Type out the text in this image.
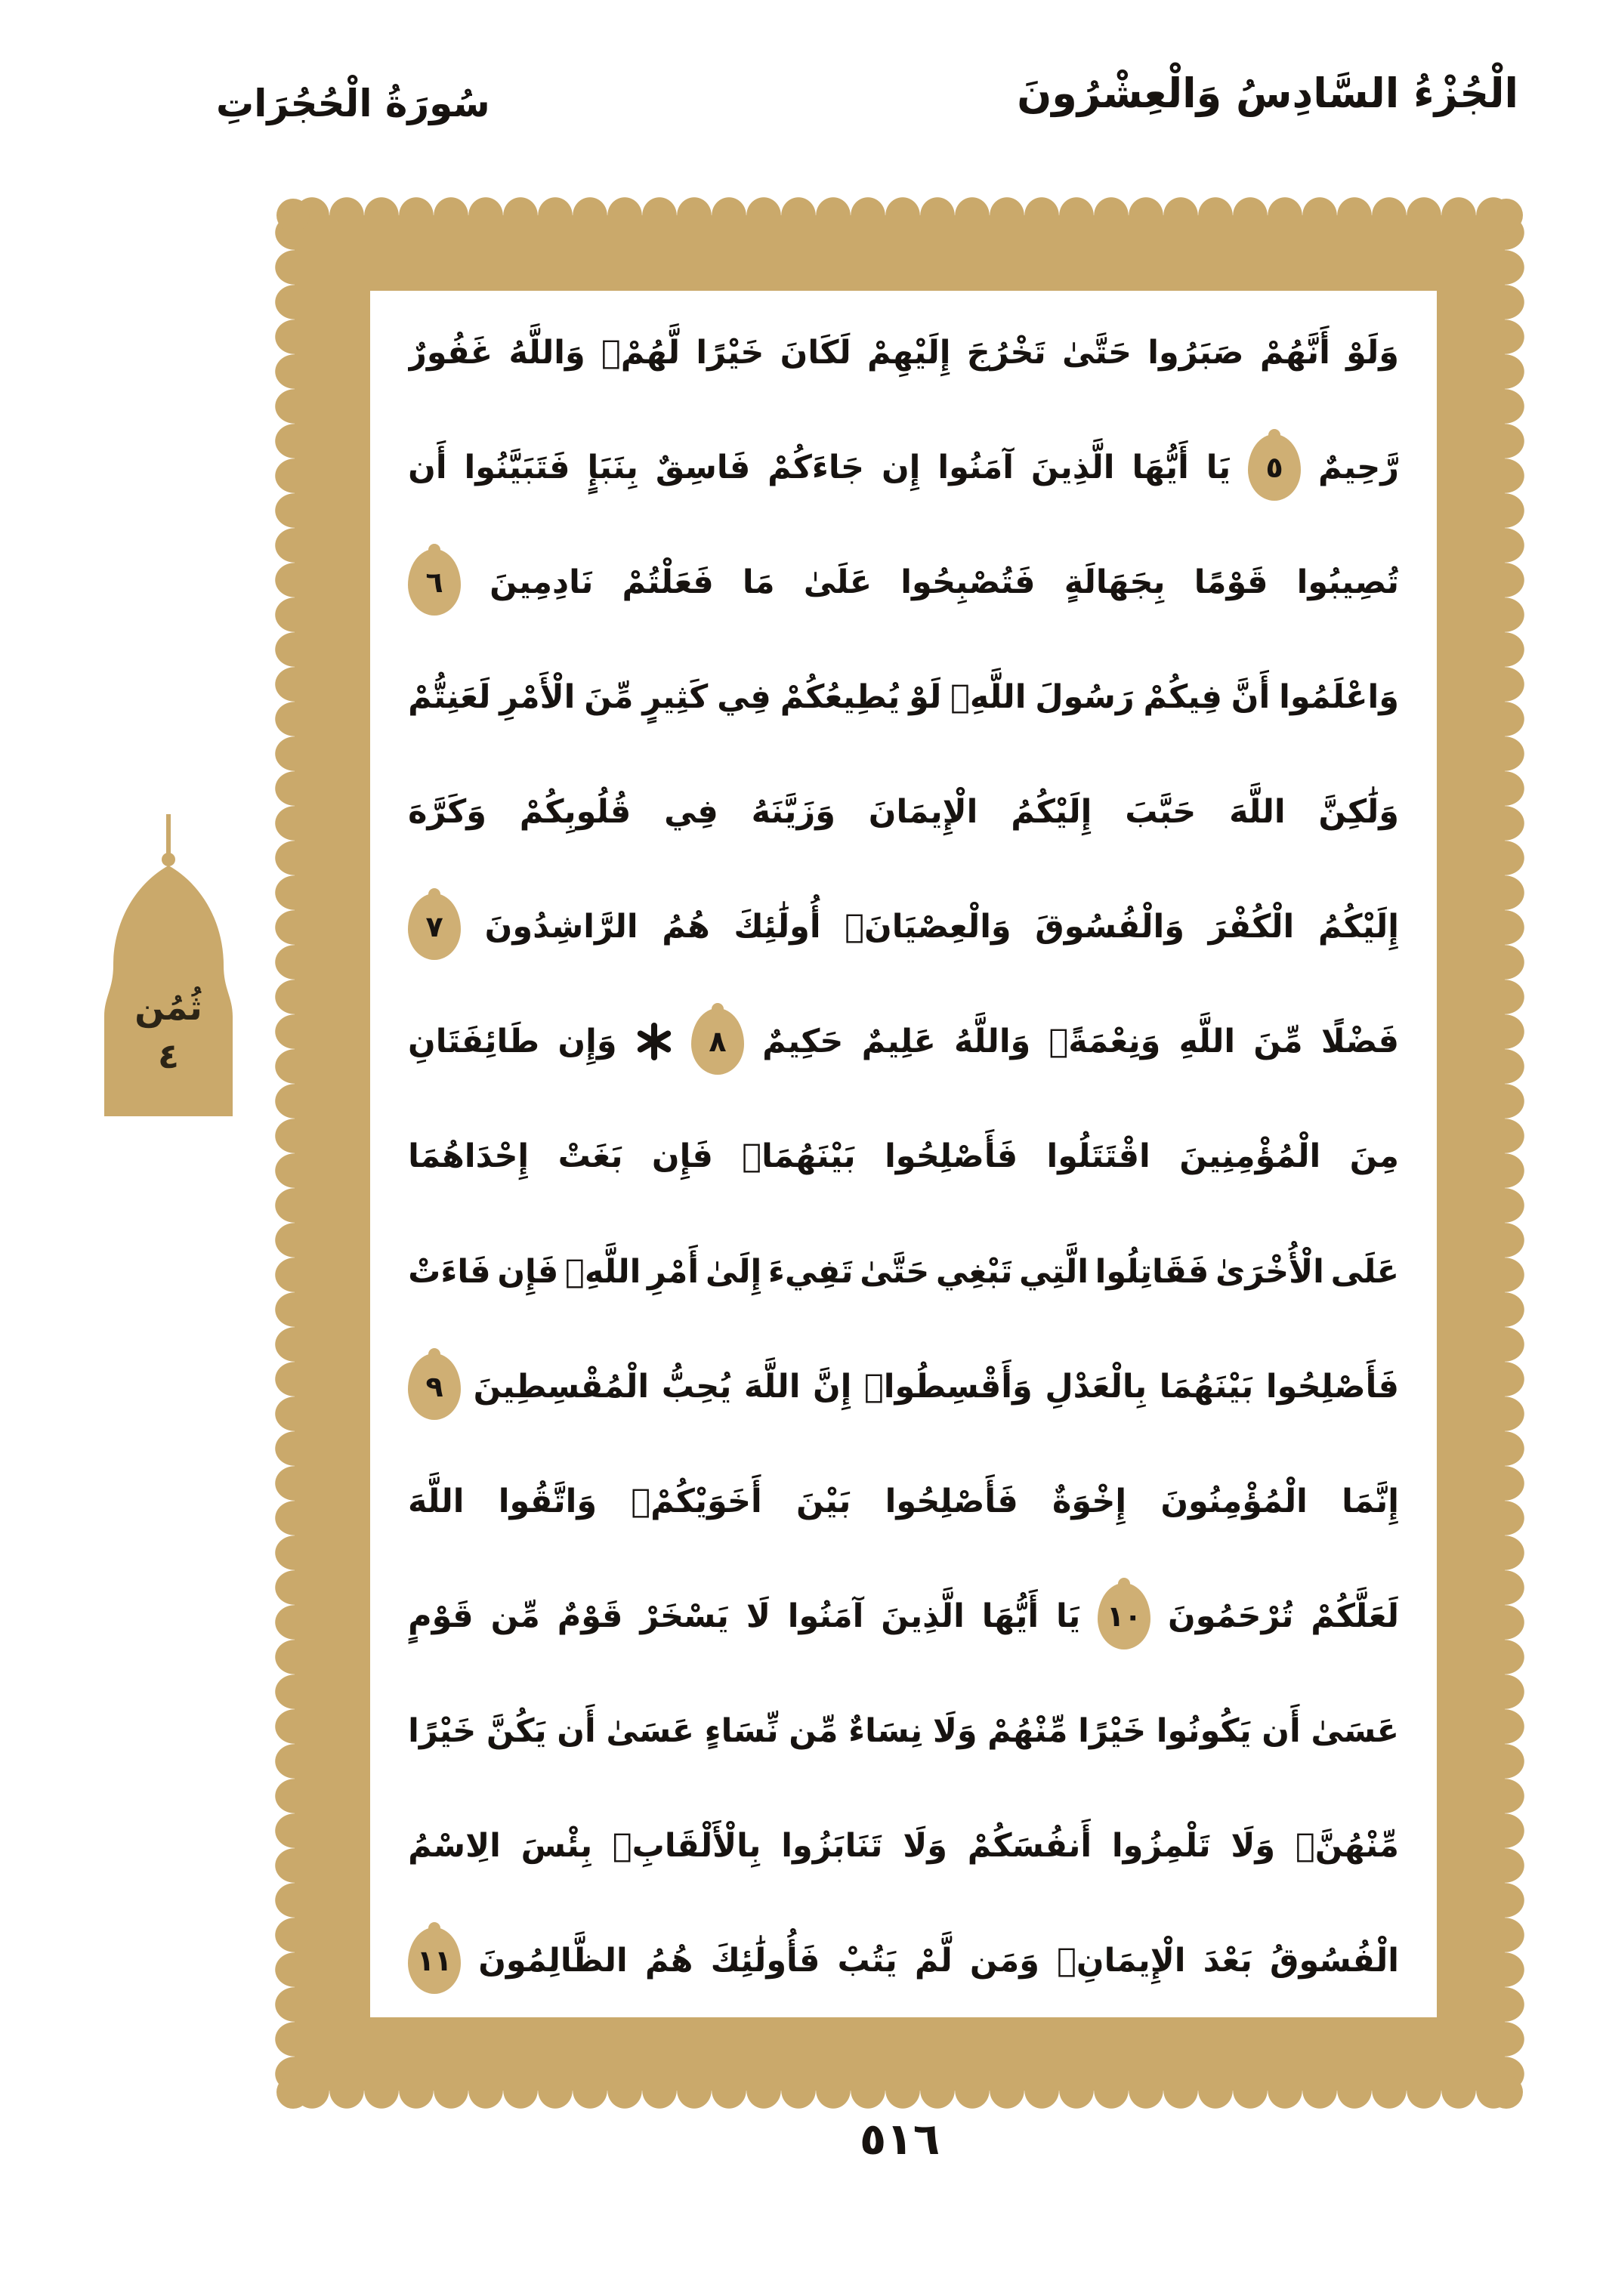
الْجُزْءُ السَّادِسُ وَالْعِشْرُونَ
سُورَةُ الْحُجُرَاتِ
ثُمُن
٤
وَلَوْ
أَنَّهُمْ
صَبَرُوا
حَتَّىٰ
تَخْرُجَ
إِلَيْهِمْ
لَكَانَ
خَيْرًا
لَّهُمْۚ
وَاللَّهُ
غَفُورٌ
رَّحِيمٌ
٥
يَا
أَيُّهَا
الَّذِينَ
آمَنُوا
إِن
جَاءَكُمْ
فَاسِقٌ
بِنَبَإٍ
فَتَبَيَّنُوا
أَن
تُصِيبُوا
قَوْمًا
بِجَهَالَةٍ
فَتُصْبِحُوا
عَلَىٰ
مَا
فَعَلْتُمْ
نَادِمِينَ
٦
وَاعْلَمُوا
أَنَّ
فِيكُمْ
رَسُولَ
اللَّهِۚ
لَوْ
يُطِيعُكُمْ
فِي
كَثِيرٍ
مِّنَ
الْأَمْرِ
لَعَنِتُّمْ
وَلَٰكِنَّ
اللَّهَ
حَبَّبَ
إِلَيْكُمُ
الْإِيمَانَ
وَزَيَّنَهُ
فِي
قُلُوبِكُمْ
وَكَرَّهَ
إِلَيْكُمُ
الْكُفْرَ
وَالْفُسُوقَ
وَالْعِصْيَانَۚ
أُولَٰئِكَ
هُمُ
الرَّاشِدُونَ
٧
فَضْلًا
مِّنَ
اللَّهِ
وَنِعْمَةًۚ
وَاللَّهُ
عَلِيمٌ
حَكِيمٌ
٨
وَإِن
طَائِفَتَانِ
مِنَ
الْمُؤْمِنِينَ
اقْتَتَلُوا
فَأَصْلِحُوا
بَيْنَهُمَاۖ
فَإِن
بَغَتْ
إِحْدَاهُمَا
عَلَى
الْأُخْرَىٰ
فَقَاتِلُوا
الَّتِي
تَبْغِي
حَتَّىٰ
تَفِيءَ
إِلَىٰ
أَمْرِ
اللَّهِۚ
فَإِن
فَاءَتْ
فَأَصْلِحُوا
بَيْنَهُمَا
بِالْعَدْلِ
وَأَقْسِطُواۖ
إِنَّ
اللَّهَ
يُحِبُّ
الْمُقْسِطِينَ
٩
إِنَّمَا
الْمُؤْمِنُونَ
إِخْوَةٌ
فَأَصْلِحُوا
بَيْنَ
أَخَوَيْكُمْۚ
وَاتَّقُوا
اللَّهَ
لَعَلَّكُمْ
تُرْحَمُونَ
١٠
يَا
أَيُّهَا
الَّذِينَ
آمَنُوا
لَا
يَسْخَرْ
قَوْمٌ
مِّن
قَوْمٍ
عَسَىٰ
أَن
يَكُونُوا
خَيْرًا
مِّنْهُمْ
وَلَا
نِسَاءٌ
مِّن
نِّسَاءٍ
عَسَىٰ
أَن
يَكُنَّ
خَيْرًا
مِّنْهُنَّۖ
وَلَا
تَلْمِزُوا
أَنفُسَكُمْ
وَلَا
تَنَابَزُوا
بِالْأَلْقَابِۖ
بِئْسَ
الِاسْمُ
الْفُسُوقُ
بَعْدَ
الْإِيمَانِۚ
وَمَن
لَّمْ
يَتُبْ
فَأُولَٰئِكَ
هُمُ
الظَّالِمُونَ
١١
٥١٦
